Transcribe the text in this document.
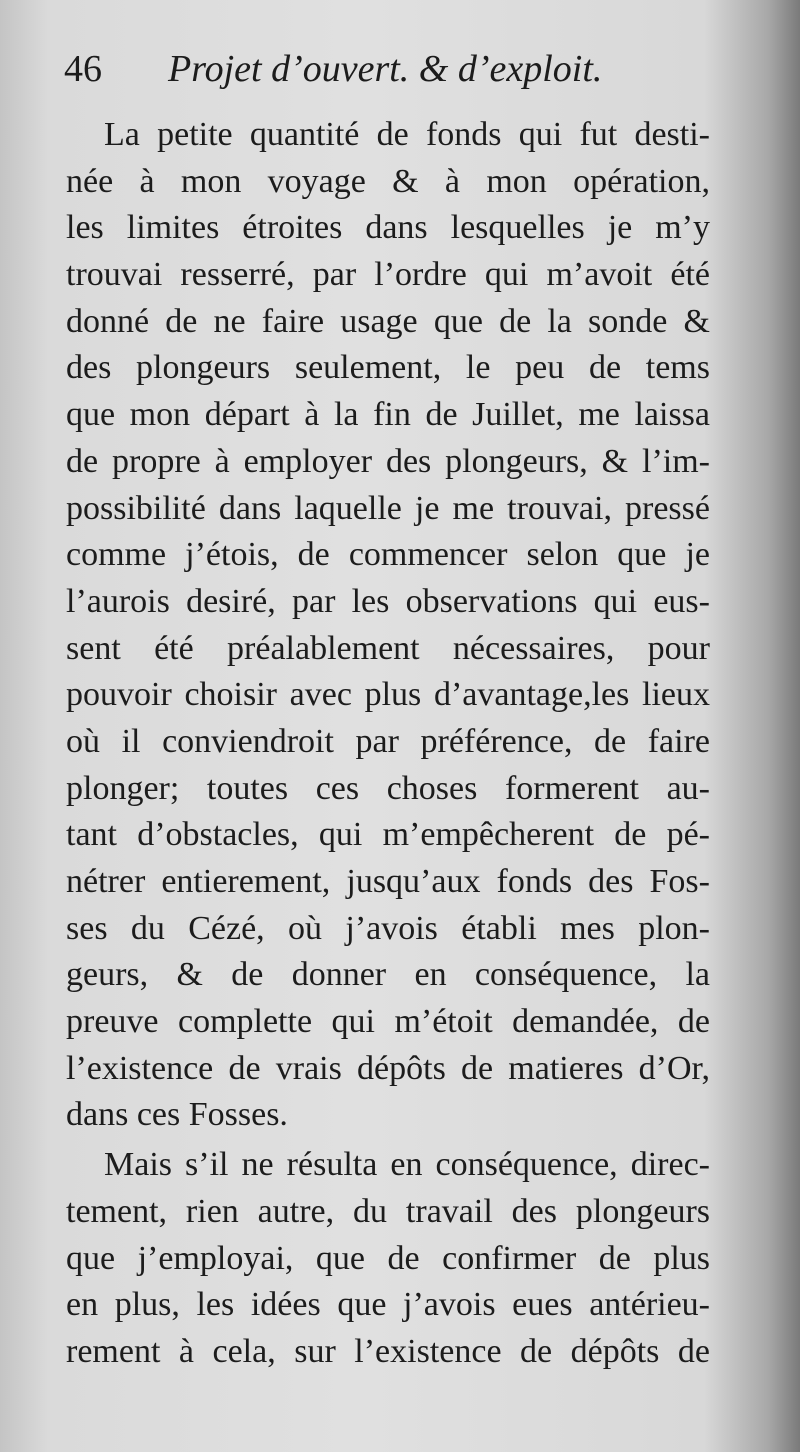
46 Projet d’ouvert. & d’exploit.
La petite quantité de fonds qui fut desti-
née à mon voyage & à mon opération,
les limites étroites dans lesquelles je m’y
trouvai resserré, par l’ordre qui m’avoit été
donné de ne faire usage que de la sonde &
des plongeurs seulement, le peu de tems
que mon départ à la fin de Juillet, me laissa
de propre à employer des plongeurs, & l’im-
possibilité dans laquelle je me trouvai, pressé
comme j’étois, de commencer selon que je
l’aurois desiré, par les observations qui eus-
sent été préalablement nécessaires, pour
pouvoir choisir avec plus d’avantage,les lieux
où il conviendroit par préférence, de faire
plonger; toutes ces choses formerent au-
tant d’obstacles, qui m’empêcherent de pé-
nétrer entierement, jusqu’aux fonds des Fos-
ses du Cézé, où j’avois établi mes plon-
geurs, & de donner en conséquence, la
preuve complette qui m’étoit demandée, de
l’existence de vrais dépôts de matieres d’Or,
dans ces Fosses.
Mais s’il ne résulta en conséquence, direc-
tement, rien autre, du travail des plongeurs
que j’employai, que de confirmer de plus
en plus, les idées que j’avois eues antérieu-
rement à cela, sur l’existence de dépôts de
